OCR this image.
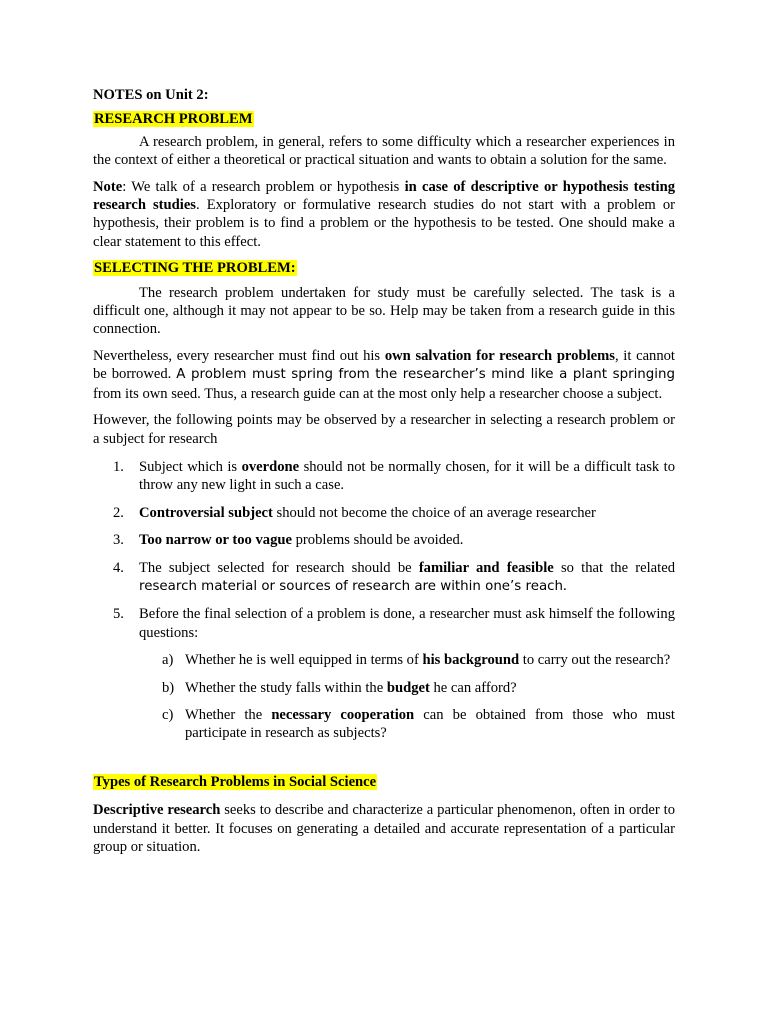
NOTES on Unit 2:
RESEARCH PROBLEM

A research problem, in general, refers to some difficulty which a researcher experiences in the context of either a theoretical or practical situation and wants to obtain a solution for the same.

Note: We talk of a research problem or hypothesis in case of descriptive or hypothesis testing research studies. Exploratory or formulative research studies do not start with a problem or hypothesis, their problem is to find a problem or the hypothesis to be tested. One should make a clear statement to this effect.

SELECTING THE PROBLEM:

The research problem undertaken for study must be carefully selected. The task is a difficult one, although it may not appear to be so. Help may be taken from a research guide in this connection.

Nevertheless, every researcher must find out his own salvation for research problems, it cannot be borrowed. A problem must spring from the researcher’s mind like a plant springing from its own seed. Thus, a research guide can at the most only help a researcher choose a subject.

However, the following points may be observed by a researcher in selecting a research problem or a subject for research

1. Subject which is overdone should not be normally chosen, for it will be a difficult task to throw any new light in such a case.
2. Controversial subject should not become the choice of an average researcher
3. Too narrow or too vague problems should be avoided.
4. The subject selected for research should be familiar and feasible so that the related research material or sources of research are within one’s reach.
5. Before the final selection of a problem is done, a researcher must ask himself the following questions:
a) Whether he is well equipped in terms of his background to carry out the research?
b) Whether the study falls within the budget he can afford?
c) Whether the necessary cooperation can be obtained from those who must participate in research as subjects?
Types of Research Problems in Social Science

Descriptive research seeks to describe and characterize a particular phenomenon, often in order to understand it better. It focuses on generating a detailed and accurate representation of a particular group or situation.
